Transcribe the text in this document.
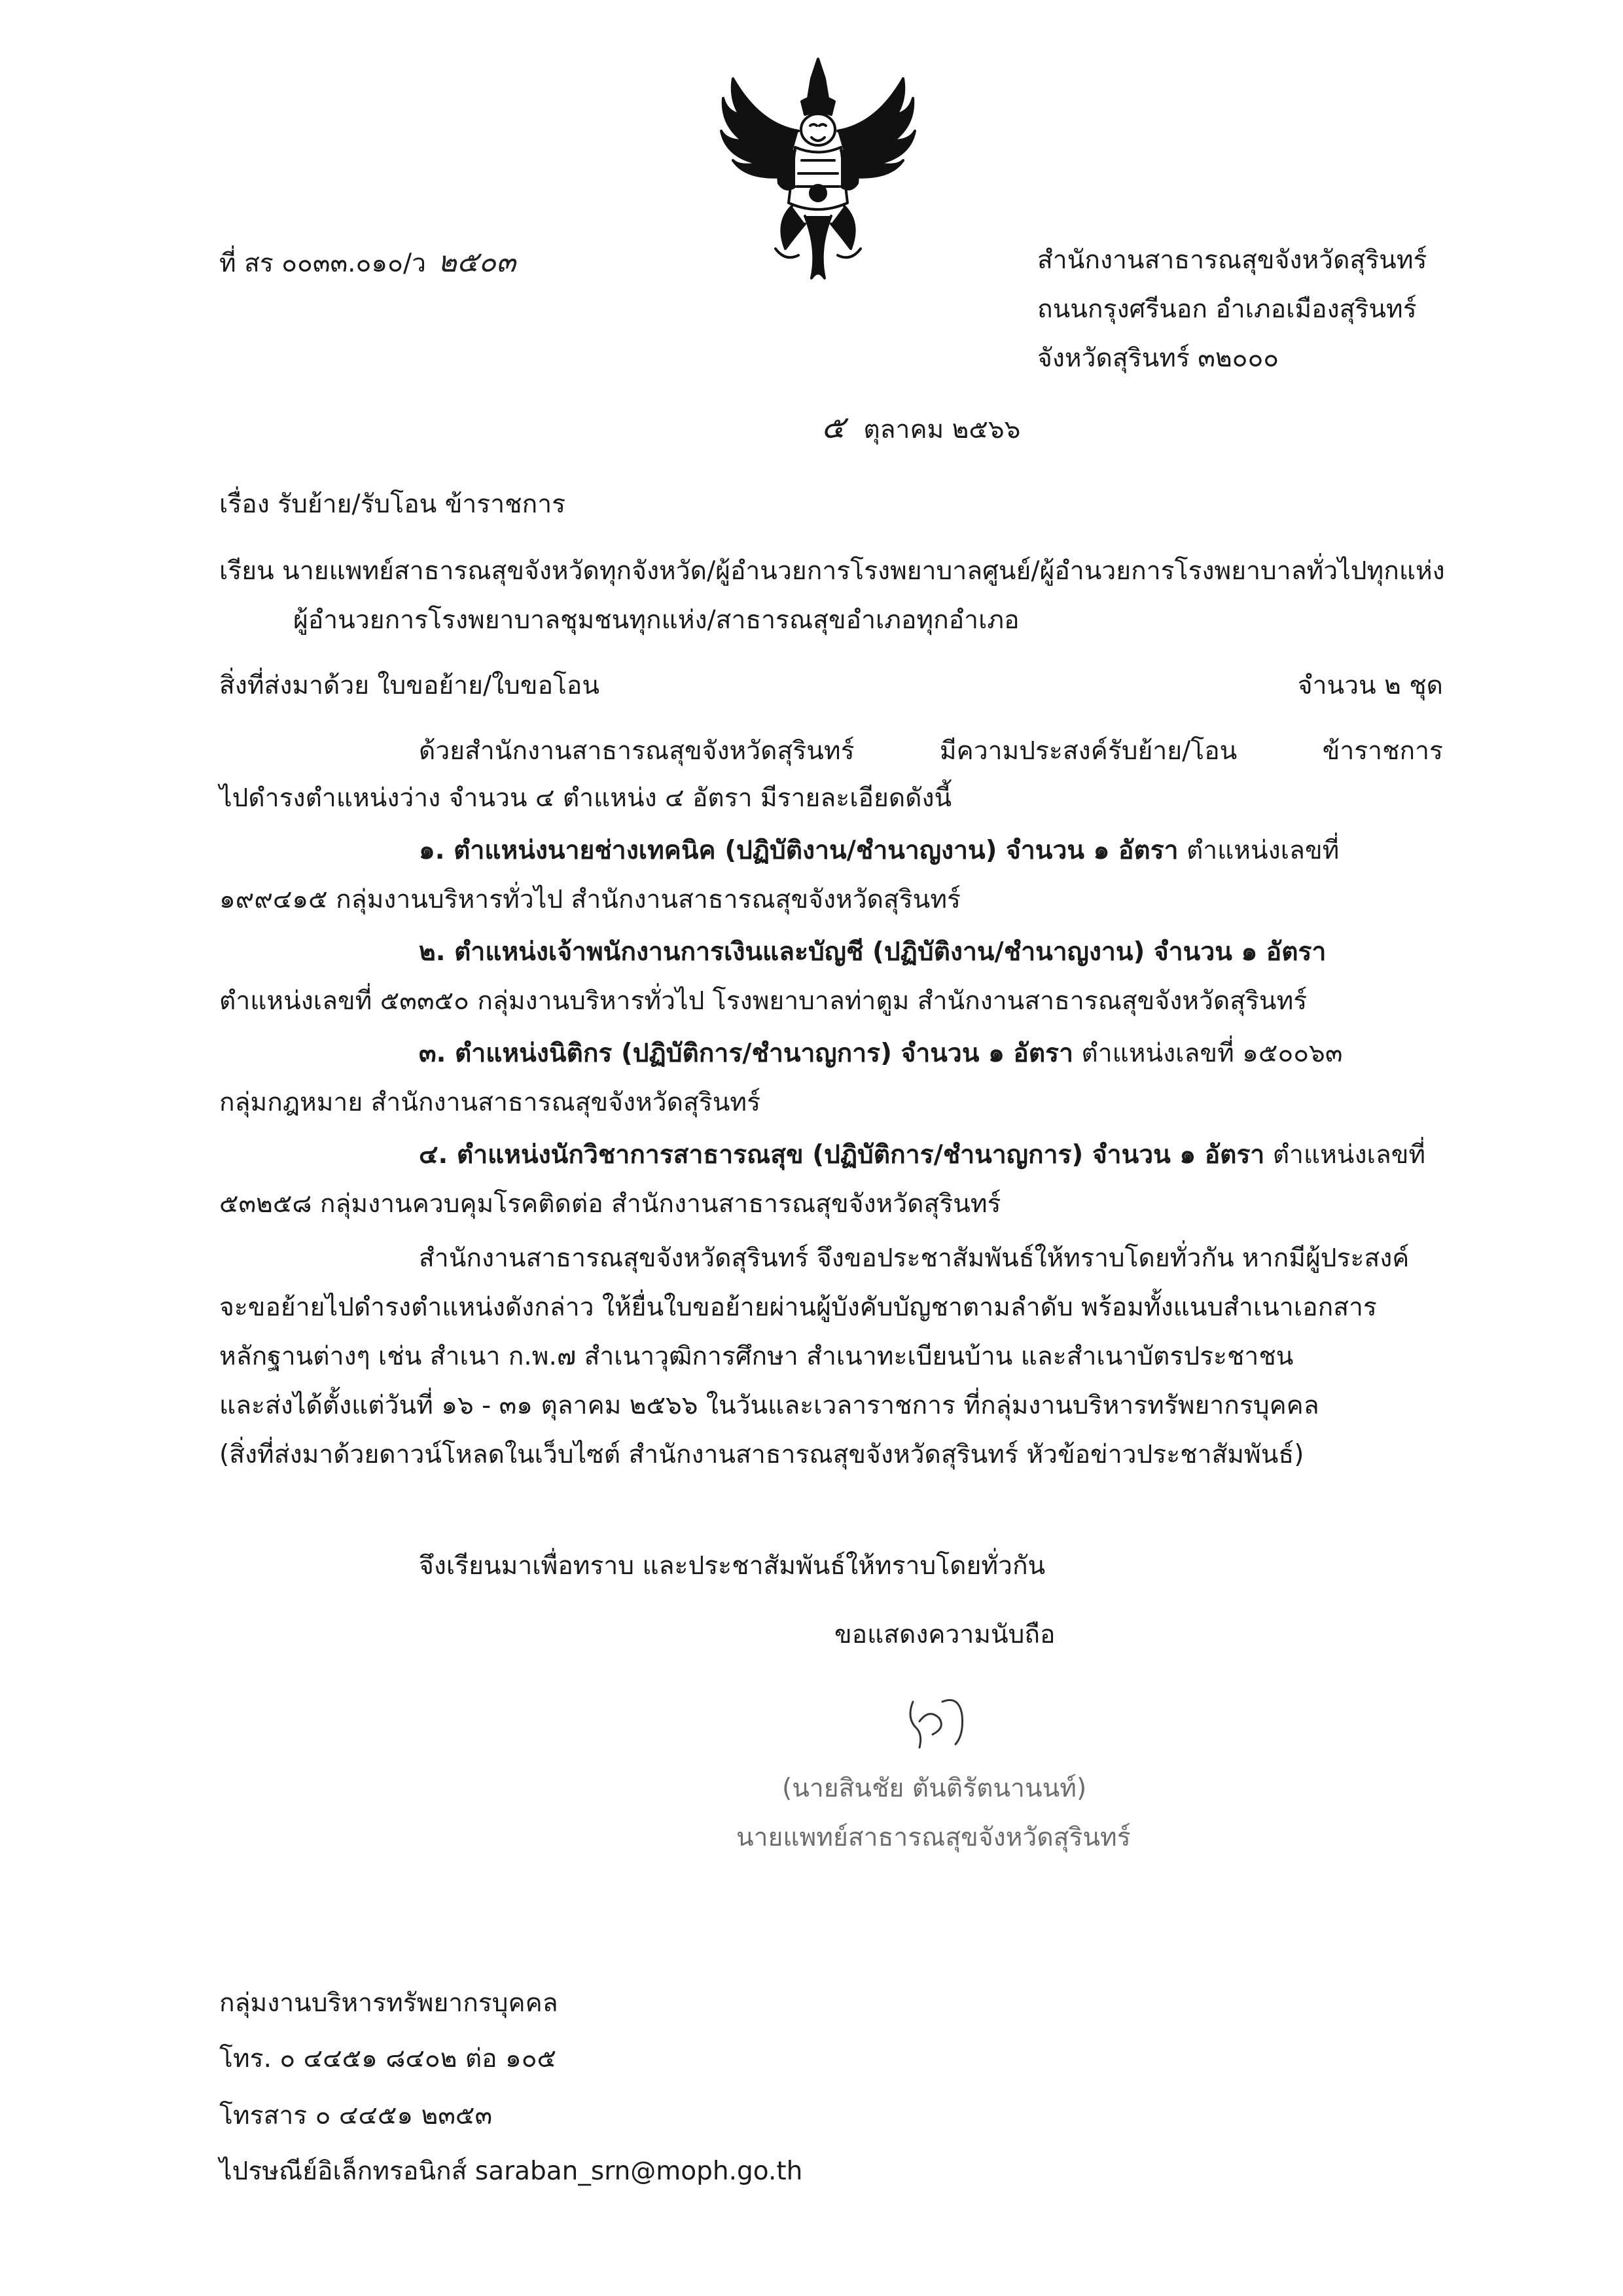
ที่ สร ๐๐๓๓.๐๑๐/ว ๒๕๐๓	สำนักงานสาธารณสุขจังหวัดสุรินทร์
ถนนกรุงศรีนอก อำเภอเมืองสุรินทร์
จังหวัดสุรินทร์ ๓๒๐๐๐
๕ ตุลาคม ๒๕๖๖
เรื่อง รับย้าย/รับโอน ข้าราชการ
เรียน นายแพทย์สาธารณสุขจังหวัดทุกจังหวัด/ผู้อำนวยการโรงพยาบาลศูนย์/ผู้อำนวยการโรงพยาบาลทั่วไปทุกแห่ง
ผู้อำนวยการโรงพยาบาลชุมชนทุกแห่ง/สาธารณสุขอำเภอทุกอำเภอ
สิ่งที่ส่งมาด้วย ใบขอย้าย/ใบขอโอน	จำนวน ๒ ชุด
ด้วยสำนักงานสาธารณสุขจังหวัดสุรินทร์ มีความประสงค์รับย้าย/โอน ข้าราชการ
ไปดำรงตำแหน่งว่าง จำนวน ๔ ตำแหน่ง ๔ อัตรา มีรายละเอียดดังนี้
๑. ตำแหน่งนายช่างเทคนิค (ปฏิบัติงาน/ชำนาญงาน) จำนวน ๑ อัตรา ตำแหน่งเลขที่
๑๙๙๔๑๕ กลุ่มงานบริหารทั่วไป สำนักงานสาธารณสุขจังหวัดสุรินทร์
๒. ตำแหน่งเจ้าพนักงานการเงินและบัญชี (ปฏิบัติงาน/ชำนาญงาน) จำนวน ๑ อัตรา
ตำแหน่งเลขที่ ๕๓๓๕๐ กลุ่มงานบริหารทั่วไป โรงพยาบาลท่าตูม สำนักงานสาธารณสุขจังหวัดสุรินทร์
๓. ตำแหน่งนิติกร (ปฏิบัติการ/ชำนาญการ) จำนวน ๑ อัตรา ตำแหน่งเลขที่ ๑๕๐๐๖๓
กลุ่มกฎหมาย สำนักงานสาธารณสุขจังหวัดสุรินทร์
๔. ตำแหน่งนักวิชาการสาธารณสุข (ปฏิบัติการ/ชำนาญการ) จำนวน ๑ อัตรา ตำแหน่งเลขที่
๕๓๒๕๘ กลุ่มงานควบคุมโรคติดต่อ สำนักงานสาธารณสุขจังหวัดสุรินทร์
สำนักงานสาธารณสุขจังหวัดสุรินทร์ จึงขอประชาสัมพันธ์ให้ทราบโดยทั่วกัน หากมีผู้ประสงค์
จะขอย้ายไปดำรงตำแหน่งดังกล่าว ให้ยื่นใบขอย้ายผ่านผู้บังคับบัญชาตามลำดับ พร้อมทั้งแนบสำเนาเอกสาร
หลักฐานต่างๆ เช่น สำเนา ก.พ.๗ สำเนาวุฒิการศึกษา สำเนาทะเบียนบ้าน และสำเนาบัตรประชาชน
และส่งได้ตั้งแต่วันที่ ๑๖ - ๓๑ ตุลาคม ๒๕๖๖ ในวันและเวลาราชการ ที่กลุ่มงานบริหารทรัพยากรบุคคล
(สิ่งที่ส่งมาด้วยดาวน์โหลดในเว็บไซต์ สำนักงานสาธารณสุขจังหวัดสุรินทร์ หัวข้อข่าวประชาสัมพันธ์)
จึงเรียนมาเพื่อทราบ และประชาสัมพันธ์ให้ทราบโดยทั่วกัน
ขอแสดงความนับถือ
(นายสินชัย ตันติรัตนานนท์)
นายแพทย์สาธารณสุขจังหวัดสุรินทร์
กลุ่มงานบริหารทรัพยากรบุคคล
โทร. ๐ ๔๔๕๑ ๘๔๐๒ ต่อ ๑๐๕
โทรสาร ๐ ๔๔๕๑ ๒๓๕๓
ไปรษณีย์อิเล็กทรอนิกส์ saraban_srn@moph.go.th
